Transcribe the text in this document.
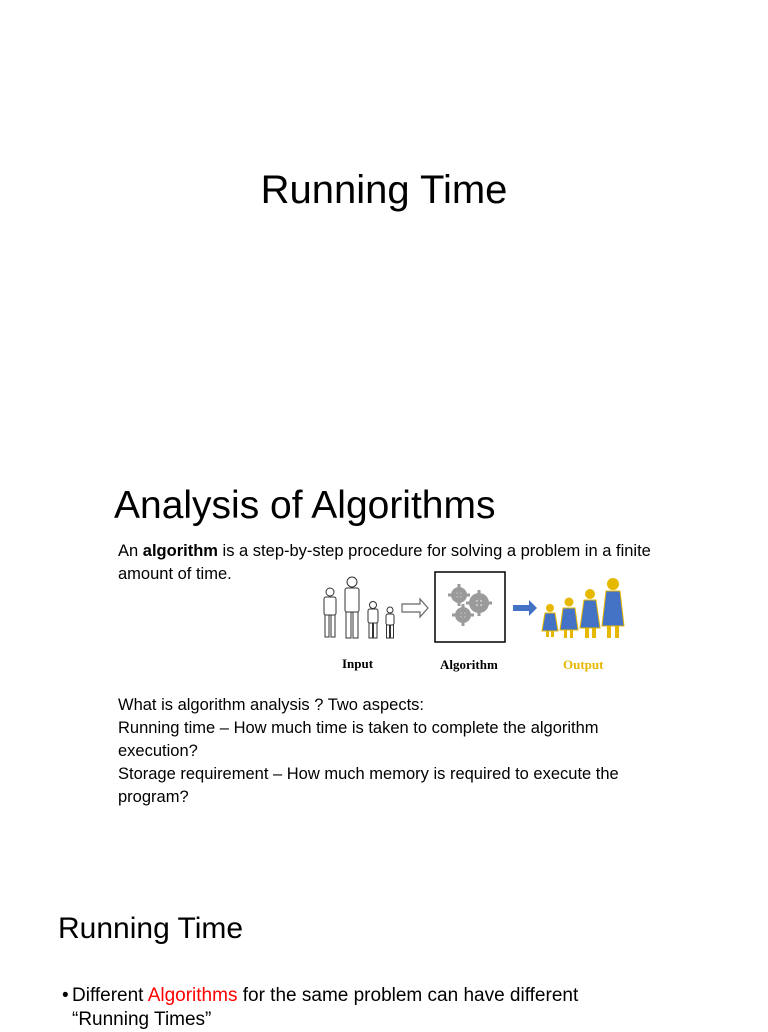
Running Time
Analysis of Algorithms
An algorithm is a step-by-step procedure for solving a problem in a finite amount of time.
Input	Algorithm	Output
What is algorithm analysis ? Two aspects:
Running time – How much time is taken to complete the algorithm
execution?
Storage requirement – How much memory is required to execute the
program?
Running Time
• Different Algorithms for the same problem can have different
“Running Times”
